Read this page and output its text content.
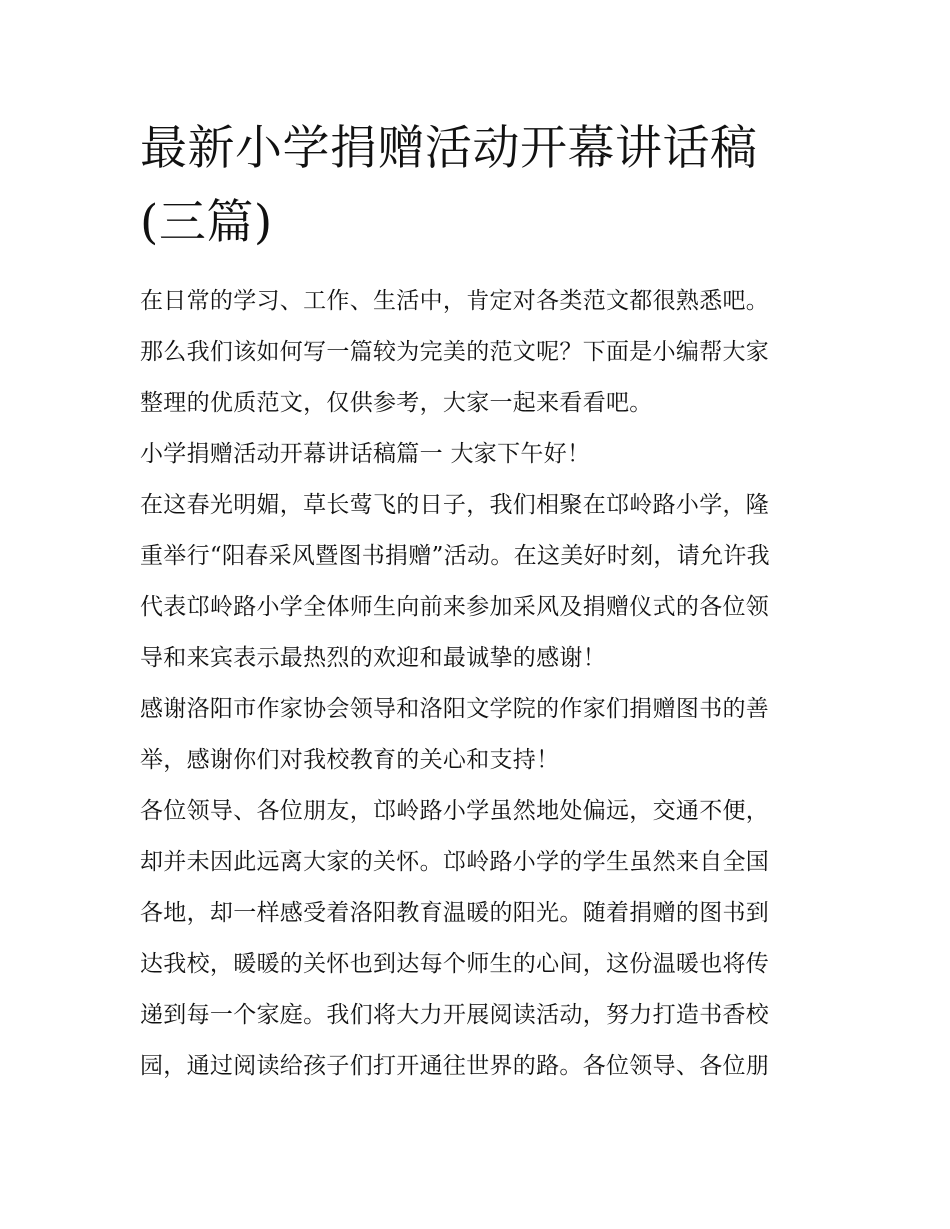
最新小学捐赠活动开幕讲话稿
(三篇)
在日常的学习、工作、生活中，肯定对各类范文都很熟悉吧。
那么我们该如何写一篇较为完美的范文呢？下面是小编帮大家
整理的优质范文，仅供参考，大家一起来看看吧。
小学捐赠活动开幕讲话稿篇一 大家下午好！
在这春光明媚，草长莺飞的日子，我们相聚在邙岭路小学，隆
重举行“阳春采风暨图书捐赠”活动。在这美好时刻，请允许我
代表邙岭路小学全体师生向前来参加采风及捐赠仪式的各位领
导和来宾表示最热烈的欢迎和最诚挚的感谢！
感谢洛阳市作家协会领导和洛阳文学院的作家们捐赠图书的善
举，感谢你们对我校教育的关心和支持！
各位领导、各位朋友，邙岭路小学虽然地处偏远，交通不便，
却并未因此远离大家的关怀。邙岭路小学的学生虽然来自全国
各地，却一样感受着洛阳教育温暖的阳光。随着捐赠的图书到
达我校，暖暖的关怀也到达每个师生的心间，这份温暖也将传
递到每一个家庭。我们将大力开展阅读活动，努力打造书香校
园，通过阅读给孩子们打开通往世界的路。各位领导、各位朋
